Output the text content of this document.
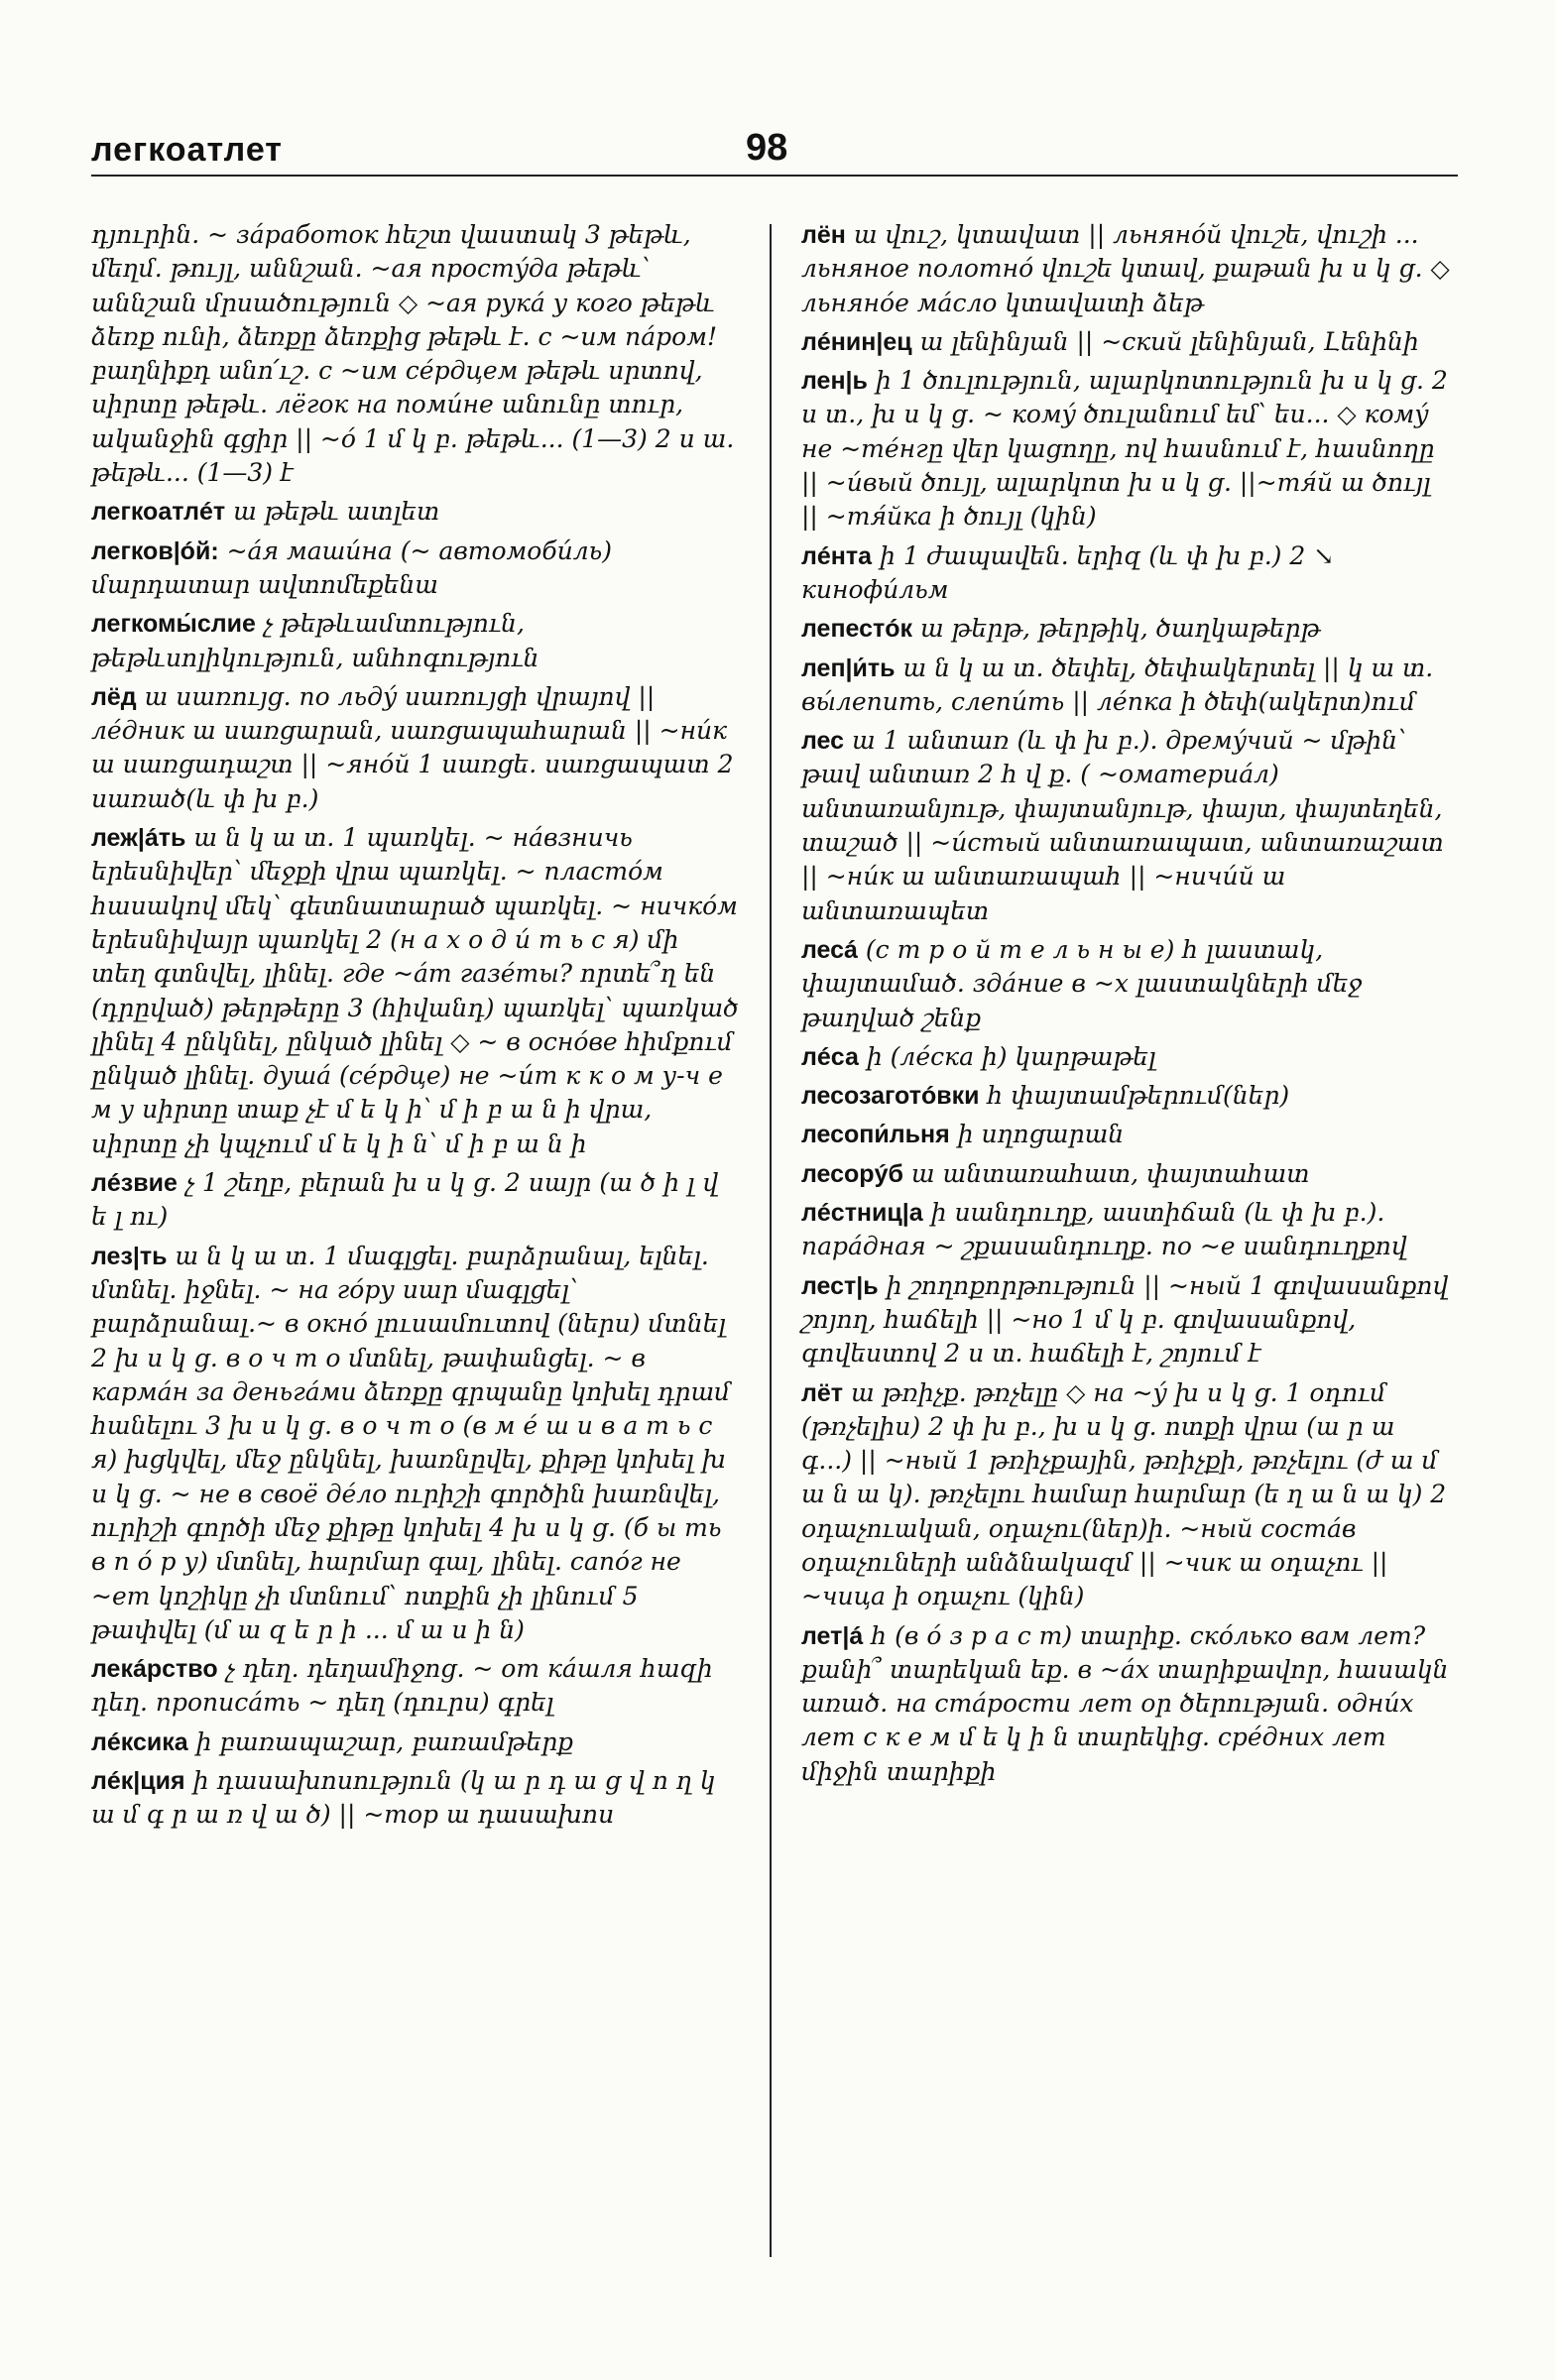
легкоатлет	98

դյուրին. ~ зáработок հեշտ վաստակ 3 թեթև, մեղմ. թույլ, աննշան. ~ая простýда թեթև՝ աննշան մրսածություն ◇ ~ая рукá у кого թեթև ձեռք ունի, ձեռքը ձեռքից թեթև է. с ~им пáром! բաղնիքդ անո՛ւշ. с ~им сéрдцем թեթև սրտով, սիրտը թեթև. лёгок на поми́не անունը տուր, ականջին գցիր || ~ó 1 մ կ բ. թեթև... (1—3) 2 ս ա. թեթև... (1—3) է

легкоатлéт ա թեթև ատլետ

легков|óй: ~áя маши́на (~ автомоби́ль) մարդատար ավտոմեքենա

легкомы́слие չ թեթևամտություն, թեթևսոլիկություն, անհոգություն

лёд ա սառույց. по льдý սառույցի վրայով || лéдник ա սառցարան, սառցապահարան || ~ни́к ա սառցադաշտ || ~янóй 1 սառցե. սառցապատ 2 սառած(և փ խ բ.)

леж|áть ա ն կ ա տ. 1 պառկել. ~ нáвзничь երեսնիվեր՝ մեջքի վրա պառկել. ~ пластóм հասակով մեկ՝ գետնատարած պառկել. ~ ничкóм երեսնիվայր պառկել 2 (н а х о д и́ т ь с я) մի տեղ գտնվել, լինել. где ~áт газéты? որտե՞ղ են (դրըված) թերթերը 3 (հիվանդ) պառկել՝ պառկած լինել 4 ընկնել, ընկած լինել ◇ ~ в оснóве հիմքում ընկած լինել. душá (сéрдце) не ~и́т к к о м у-ч е м у սիրտը տաք չէ մ ե կ ի՝ մ ի բ ա ն ի վրա, սիրտը չի կպչում մ ե կ ի ն՝ մ ի բ ա ն ի

лéзвие չ 1 շեղբ, բերան խ ս կ ց. 2 սայր (ա ծ ի լ վ ե լ ու)

лез|ть ա ն կ ա տ. 1 մագլցել. բարձրանալ, ելնել. մտնել. իջնել. ~ на гóру սար մագլցել՝ բարձրանալ.~ в oкнó լուսամուտով (ներս) մտնել 2 խ ս կ ց. в о ч т о մտնել, թափանցել. ~ в кармáн за деньгáми ձեռքը գրպանը կոխել դրամ հանելու 3 խ ս կ ց. в о ч т о (в м é ш и в а т ь с я) խցկվել, մեջ ընկնել, խառնըվել, քիթը կոխել խ ս կ ց. ~ не в своё дéло ուրիշի գործին խառնվել, ուրիշի գործի մեջ քիթը կոխել 4 խ ս կ ց. (б ы ть в п о́ р у) մտնել, հարմար գալ, լինել. сапóг не ~ет կոշիկը չի մտնում՝ ոտքին չի լինում 5 թափվել (մ ա զ ե ր ի ... մ ա ս ի ն)

лекáрство չ դեղ. դեղամիջոց. ~ от кáшля հազի դեղ. прописáть ~ դեղ (դուրս) գրել

лéксика ի բառապաշար, բառամթերք

лéк|ция ի դասախոսություն (կ ա ր դ ա ց վ ո ղ կ ա մ գ ր ա ռ վ ա ծ) || ~тор ա դասախոս

лён ա վուշ, կտավատ || льнянóй վուշե, վուշի ... льняное полотнó վուշե կտավ, քաթան խ ս կ ց. ◇ льнянóе мáсло կտավատի ձեթ

лéнин|ец ա լենինյան || ~ский լենինյան, Լենինի

лен|ь ի 1 ծուլություն, ալարկոտություն խ ս կ ց. 2 ս տ., խ ս կ ց. ~ комý ծուլանում եմ՝ ես... ◇ комý не ~тéнгը վեր կացողը, ով հասնում է, հասնողը || ~и́вый ծույլ, ալարկոտ խ ս կ ց. ||~тя́й ա ծույլ || ~тя́йка ի ծույլ (կին)

лéнта ի 1 ժապավեն. երիզ (և փ խ բ.) 2 ↘ кинофи́льм

лепестóк ա թերթ, թերթիկ, ծաղկաթերթ

леп|и́ть ա ն կ ա տ. ծեփել, ծեփակերտել || կ ա տ. вы́лепить, слепи́ть || лéпка ի ծեփ(ակերտ)ում

лес ա 1 անտառ (և փ խ բ.). дремýчий ~ մթին՝ թավ անտառ 2 հ վ ք. ( ~оматериáл) անտառանյութ, փայտանյութ, փայտ, փայտեղեն, տաշած || ~и́стый անտառապատ, անտառաշատ || ~ни́к ա անտառապահ || ~ничи́й ա անտառապետ

лесá (с т р о й т е л ь н ы е) հ լաստակ, փայտամած. здáние в ~х լաստակների մեջ թաղված շենք

лéса ի (лéска ի) կարթաթել

лесозаготóвки հ փայտամթերում(ներ)

лесопи́льня ի սղոցարան

лесорýб ա անտառահատ, փայտահատ

лéстниц|а ի սանդուղք, աստիճան (և փ խ բ.). парáдная ~ շքասանդուղք. по ~е սանդուղքով

лест|ь ի շողոքորթություն || ~ный 1 գովասանքով շոյող, հաճելի || ~но 1 մ կ բ. գովասանքով, գովեստով 2 ս տ. հաճելի է, շոյում է

лёт ա թռիչք. թռչելը ◇ на ~ý խ ս կ ց. 1 օդում (թռչելիս) 2 փ խ բ., խ ս կ ց. ոտքի վրա (ա ր ա գ...) || ~ный 1 թռիչքային, թռիչքի, թռչելու (ժ ա մ ա ն ա կ). թռչելու համար հարմար (ե ղ ա ն ա կ) 2 օդաչուական, օդաչու(ներ)ի. ~ный состáв օդաչուների անձնակազմ || ~чик ա օդաչու || ~чица ի օդաչու (կին)

лет|á հ (в ó з р а с т) տարիք. скóлько вам лет? քանի՞ տարեկան եք. в ~áх տարիքավոր, հասակն առած. на стáрости лет օր ծերության. одни́х лет с к е м մ ե կ ի ն տարեկից. срéдних лет միջին տարիքի
